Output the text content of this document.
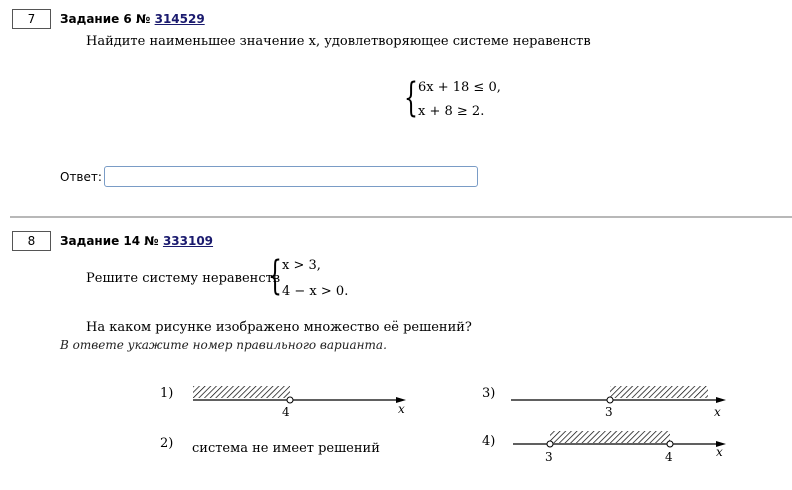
7 Задание 6 № 314529
Найдите наименьшее значение x, удовлетворяющее системе неравенств
{ 6x + 18 ≤ 0,
x + 8 ≥ 2.
Ответ:
8 Задание 14 № 333109
Решите систему неравенств
{ x > 3,
4 − x > 0.
На каком рисунке изображено множество её решений?
В ответе укажите номер правильного варианта.
1)
4	x
2) система не имеет решений
3)
3	x
4)
3	4	x
